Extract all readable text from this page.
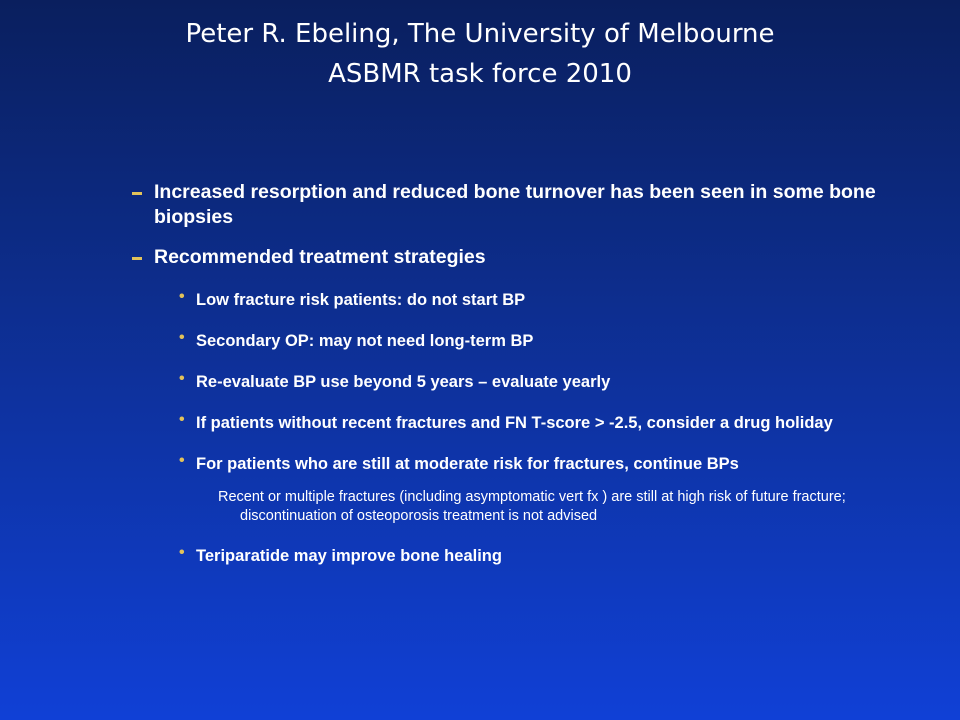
Peter R. Ebeling, The University of Melbourne
ASBMR task force 2010
Increased resorption and reduced bone turnover has been seen in some bone biopsies
Recommended treatment strategies
• Low fracture risk patients: do not start BP
• Secondary OP: may not need long-term BP
• Re-evaluate BP use beyond 5 years – evaluate yearly
• If patients without recent fractures and FN T-score > -2.5, consider a drug holiday
• For patients who are still at moderate risk for fractures, continue BPs
Recent or multiple fractures (including asymptomatic vert fx ) are still at high risk of future fracture; discontinuation of osteoporosis treatment is not advised
• Teriparatide may improve bone healing
